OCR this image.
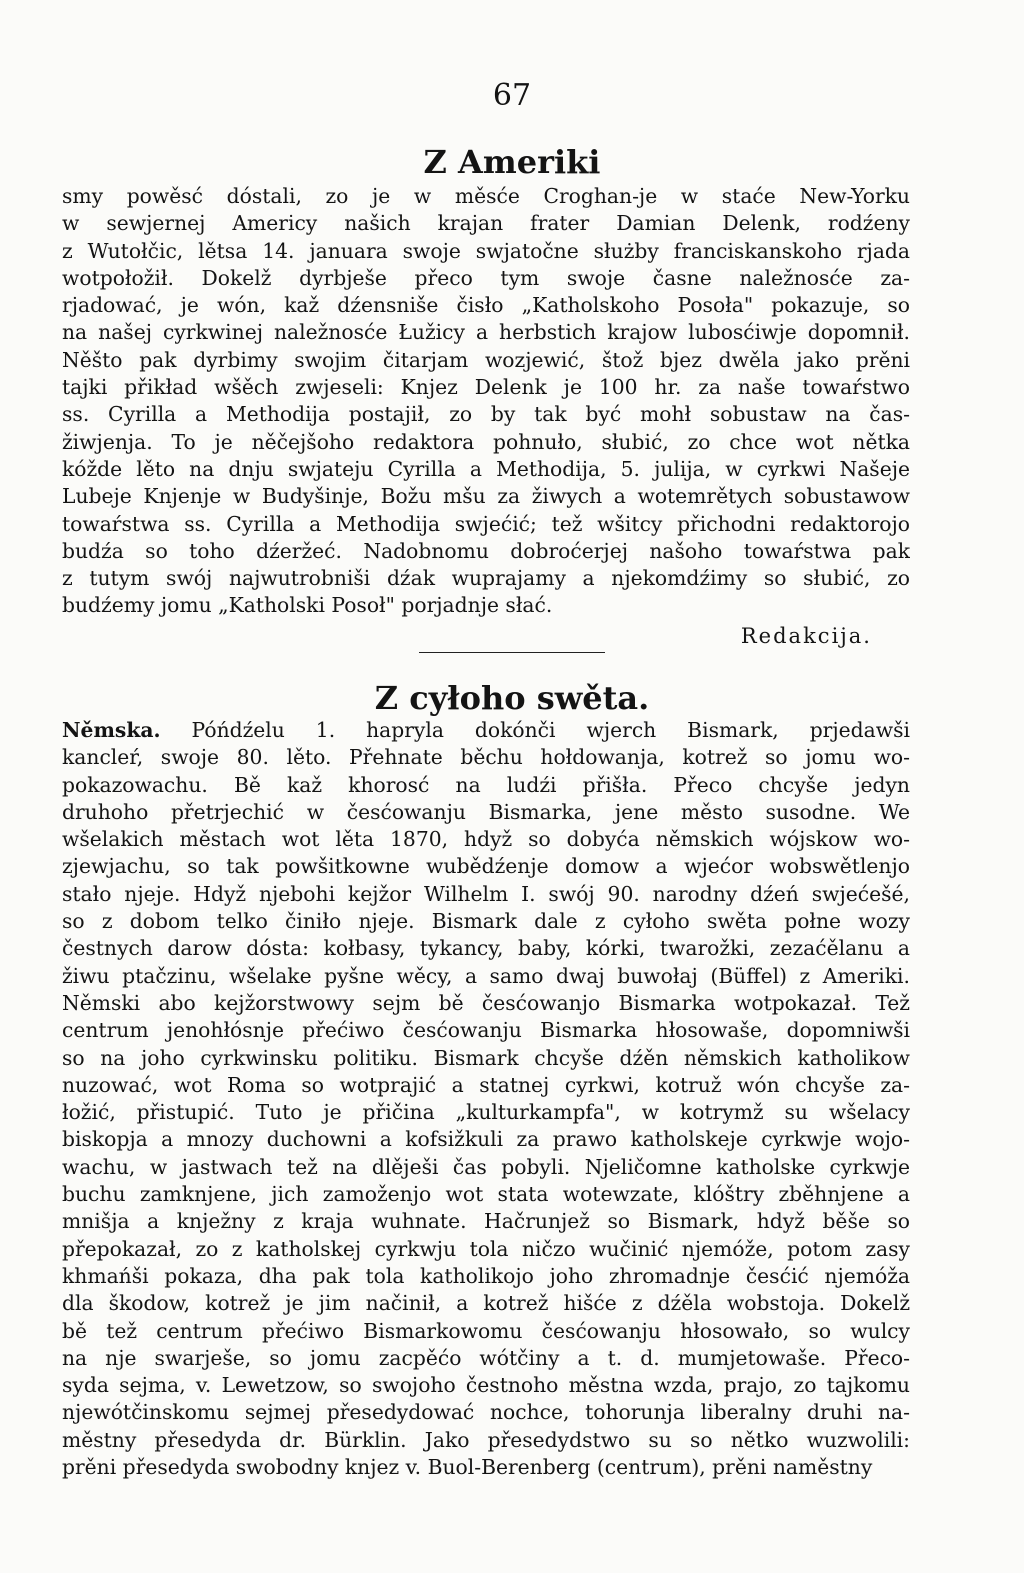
67
Z Ameriki

smy powěsć dóstali, zo je w měsće Croghan-je w staće New-Yorku

w sewjernej Americy našich krajan frater Damian Delenk, rodźeny

z Wutołčic, lětsa 14. januara swoje swjatočne służby franciskanskoho rjada

wotpołožił. Dokelž dyrbješe přeco tym swoje časne naležnosće za-

rjadować, je wón, kaž dźensniše čisło „Katholskoho Posoła" pokazuje, so

na našej cyrkwinej naležnosće Łužicy a herbstich krajow lubosćiwje dopomnił.

Něšto pak dyrbimy swojim čitarjam wozjewić, štož bjez dwěla jako prěni

tajki přikład wšěch zwjeseli: Knjez Delenk je 100 hr. za naše towaŕstwo

ss. Cyrilla a Methodija postajił, zo by tak być mohł sobustaw na čas-

žiwjenja. To je něčejšoho redaktora pohnuło, słubić, zo chce wot nětka

kóžde lěto na dnju swjateju Cyrilla a Methodija, 5. julija, w cyrkwi Našeje

Lubeje Knjenje w Budyšinje, Božu mšu za žiwych a wotemrětych sobustawow

towaŕstwa ss. Cyrilla a Methodija swjećić; tež wšitcy přichodni redaktorojo

budźa so toho dźeržeć. Nadobnomu dobroćerjej našoho towaŕstwa pak

z tutym swój najwutrobniši dźak wuprajamy a njekomdźimy so słubić, zo

budźemy jomu „Katholski Posoł" porjadnje słać.

Redakcija.
Z cyłoho swěta.

Němska. Póńdźelu 1. hapryla dokónči wjerch Bismark, prjedawši

kancleŕ, swoje 80. lěto. Přehnate běchu hołdowanja, kotrež so jomu wo-

pokazowachu. Bě kaž khorosć na ludźi přišła. Přeco chcyše jedyn

druhoho přetrjechić w česćowanju Bismarka, jene město susodne. We

wšelakich městach wot lěta 1870, hdyž so dobyća němskich wójskow wo-

zjewjachu, so tak powšitkowne wubědźenje domow a wjećor wobswětlenjo

stało njeje. Hdyž njebohi kejžor Wilhelm I. swój 90. narodny dźeń swjećešé,

so z dobom telko činiło njeje. Bismark dale z cyłoho swěta połne wozy

čestnych darow dósta: kołbasy, tykancy, baby, kórki, twarožki, zezaćělanu a

žiwu ptačzinu, wšelake pyšne wěcy, a samo dwaj buwołaj (Büffel) z Ameriki.

Němski abo kejžorstwowy sejm bě česćowanjo Bismarka wotpokazał. Tež

centrum jenohłósnje přećiwo česćowanju Bismarka hłosowaše, dopomniwši

so na joho cyrkwinsku politiku. Bismark chcyše dźěn němskich katholikow

nuzować, wot Roma so wotprajić a statnej cyrkwi, kotruž wón chcyše za-

łožić, přistupić. Tuto je přičina „kulturkampfa", w kotrymž su wšelacy

biskopja a mnozy duchowni a kofsižkuli za prawo katholskeje cyrkwje wojo-

wachu, w jastwach tež na dlěješi čas pobyli. Njeličomne katholske cyrkwje

buchu zamknjene, jich zamoženjo wot stata wotewzate, klóštry zběhnjene a

mnišja a knježny z kraja wuhnate. Hačrunjež so Bismark, hdyž běše so

přepokazał, zo z katholskej cyrkwju tola ničzo wučinić njemóže, potom zasy

khmańši pokaza, dha pak tola katholikojo joho zhromadnje česćić njemóža

dla škodow, kotrež je jim načinił, a kotrež hišće z dźěla wobstoja. Dokelž

bě tež centrum přećiwo Bismarkowomu česćowanju hłosowało, so wulcy

na nje swarješe, so jomu zacpěćo wótčiny a t. d. mumjetowaše. Přeco-

syda sejma, v. Lewetzow, so swojoho čestnoho městna wzda, prajo, zo tajkomu

njewótčinskomu sejmej přesedydować nochce, tohorunja liberalny druhi na-

městny přesedyda dr. Bürklin. Jako přesedydstwo su so nětko wuzwolili:

prěni přesedyda swobodny knjez v. Buol-Berenberg (centrum), prěni naměstny
